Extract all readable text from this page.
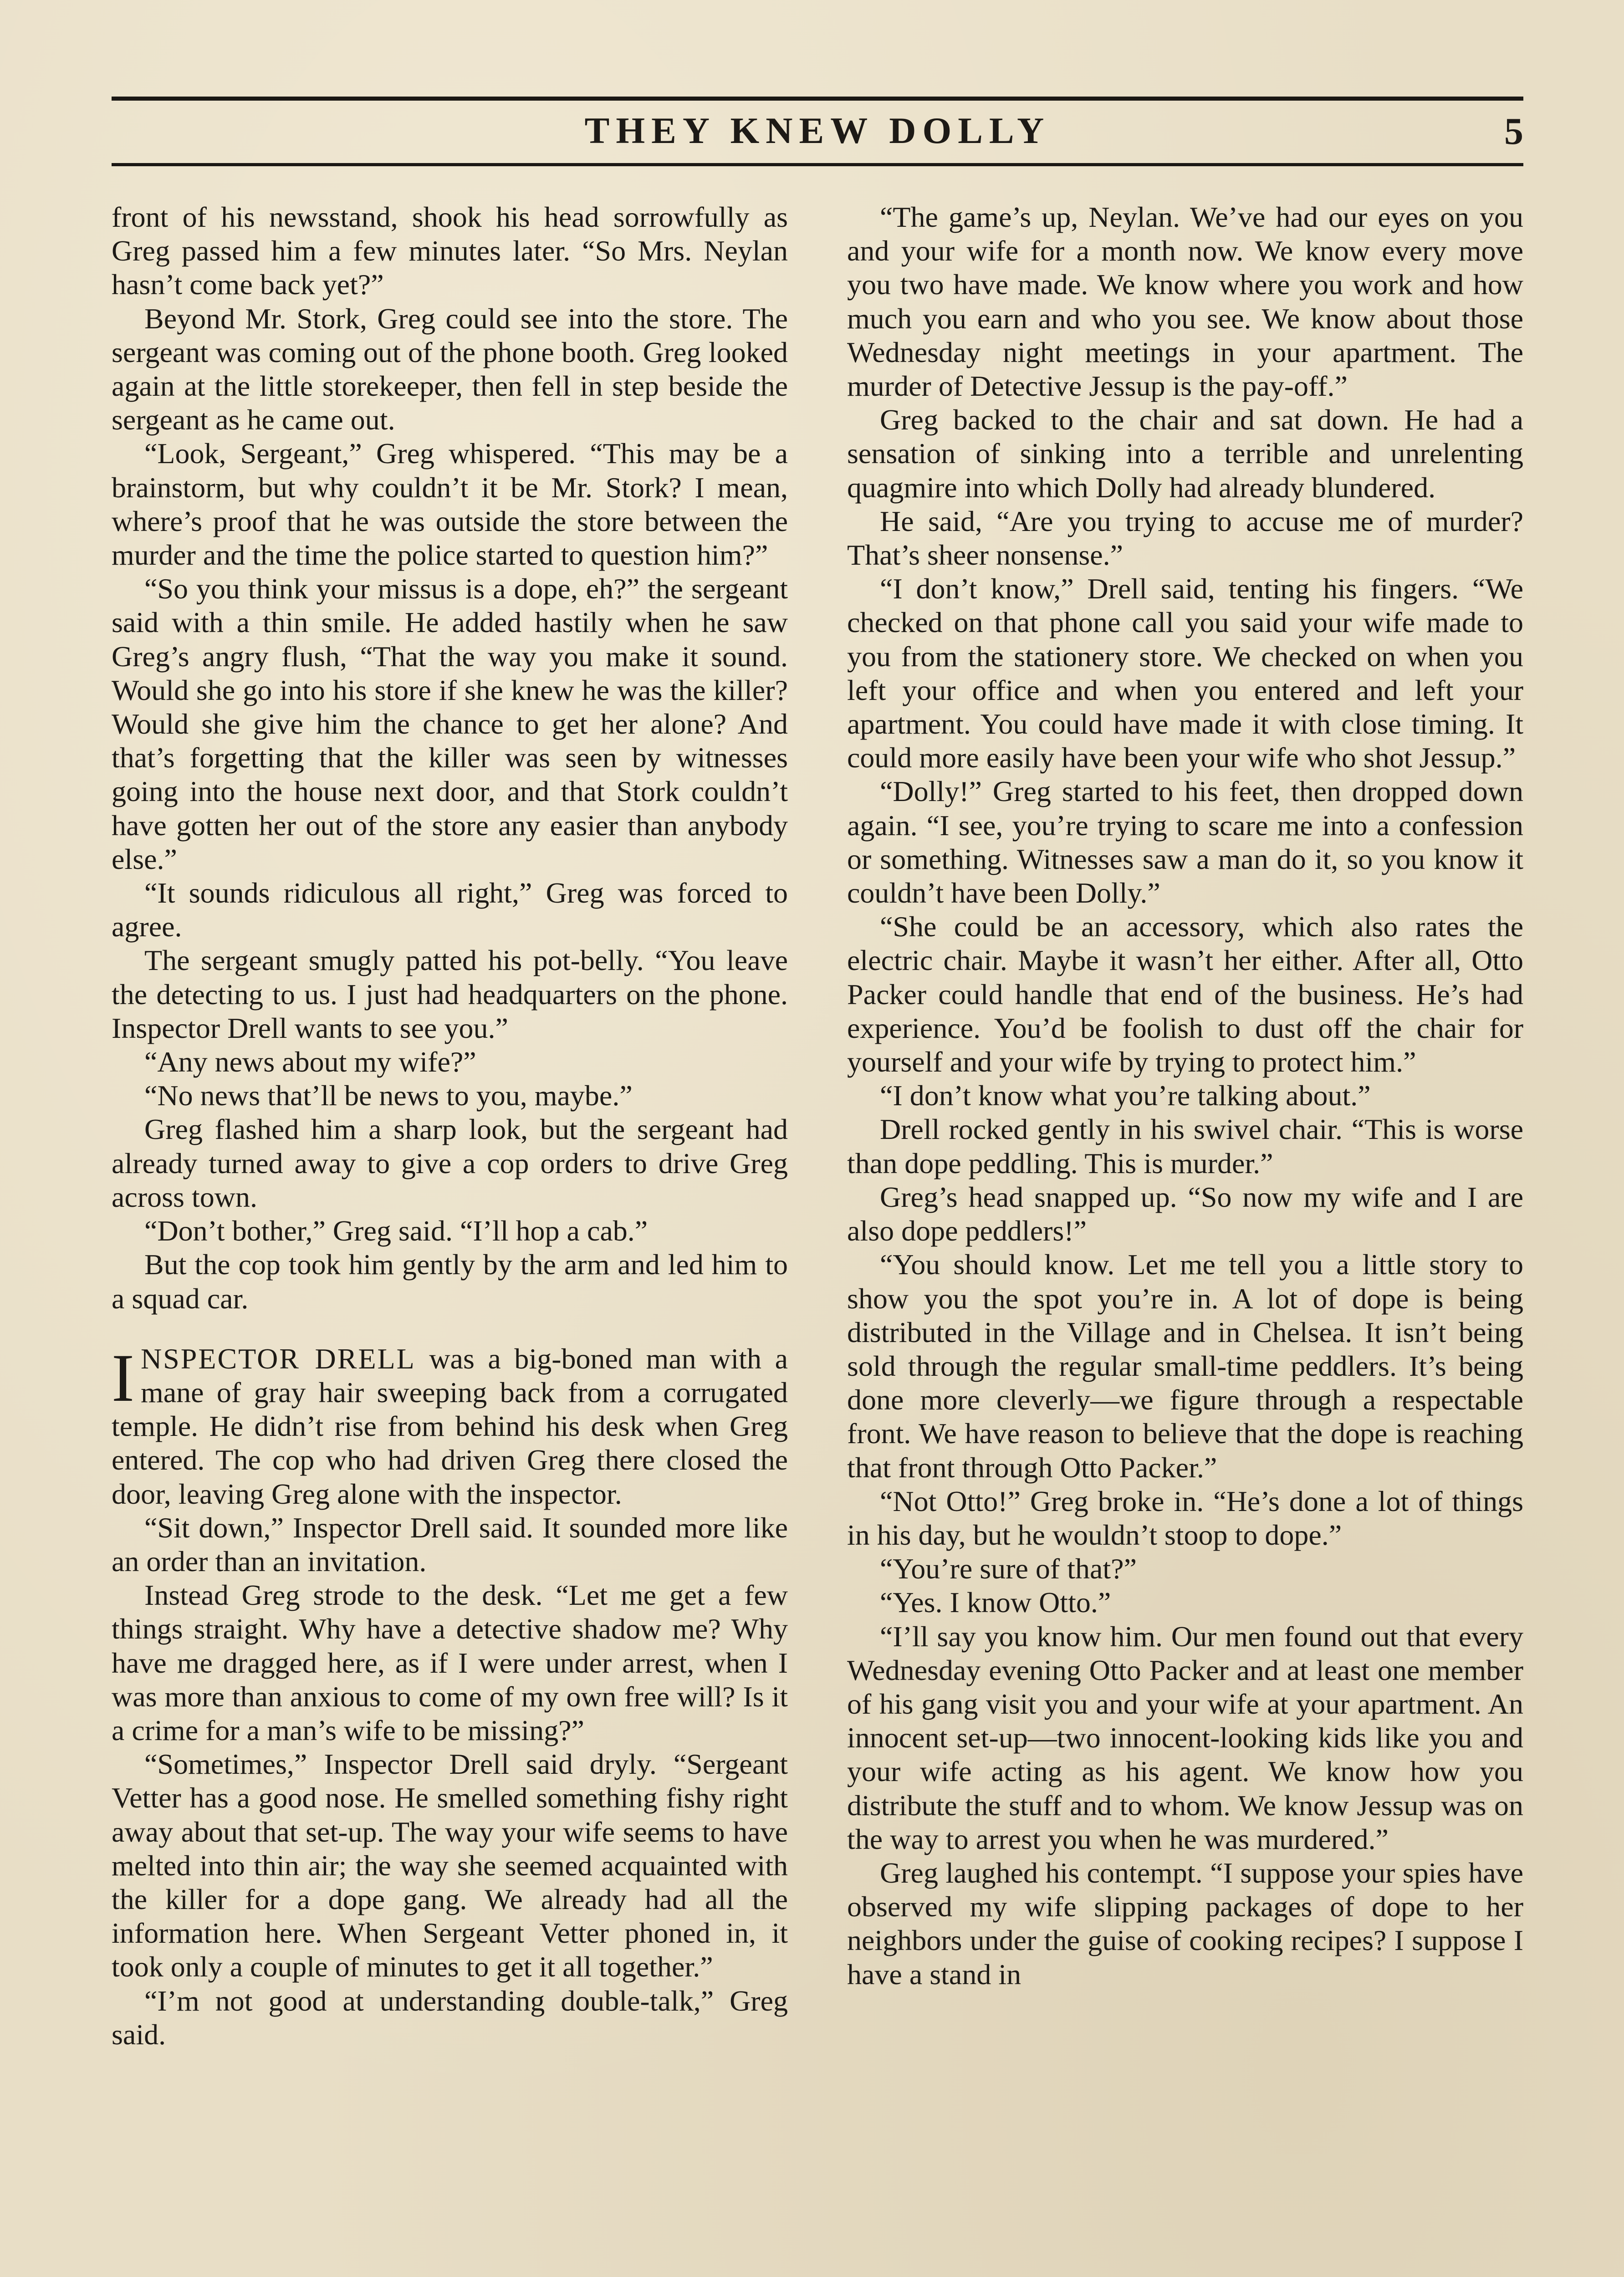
THEY KNEW DOLLY	5

front of his newsstand, shook his head sorrowfully as Greg passed him a few minutes later. “So Mrs. Neylan hasn’t come back yet?”

Beyond Mr. Stork, Greg could see into the store. The sergeant was coming out of the phone booth. Greg looked again at the little storekeeper, then fell in step beside the sergeant as he came out.

“Look, Sergeant,” Greg whispered. “This may be a brainstorm, but why couldn’t it be Mr. Stork? I mean, where’s proof that he was outside the store between the murder and the time the police started to question him?”

“So you think your missus is a dope, eh?” the sergeant said with a thin smile. He added hastily when he saw Greg’s angry flush, “That the way you make it sound. Would she go into his store if she knew he was the killer? Would she give him the chance to get her alone? And that’s forgetting that the killer was seen by witnesses going into the house next door, and that Stork couldn’t have gotten her out of the store any easier than anybody else.”

“It sounds ridiculous all right,” Greg was forced to agree.

The sergeant smugly patted his pot-belly. “You leave the detecting to us. I just had headquarters on the phone. Inspector Drell wants to see you.”

“Any news about my wife?”

“No news that’ll be news to you, maybe.”

Greg flashed him a sharp look, but the sergeant had already turned away to give a cop orders to drive Greg across town.

“Don’t bother,” Greg said. “I’ll hop a cab.”

But the cop took him gently by the arm and led him to a squad car.

INSPECTOR DRELL was a big-boned man with a mane of gray hair sweeping back from a corrugated temple. He didn’t rise from behind his desk when Greg entered. The cop who had driven Greg there closed the door, leaving Greg alone with the inspector.

“Sit down,” Inspector Drell said. It sounded more like an order than an invitation.

Instead Greg strode to the desk. “Let me get a few things straight. Why have a detective shadow me? Why have me dragged here, as if I were under arrest, when I was more than anxious to come of my own free will? Is it a crime for a man’s wife to be missing?”

“Sometimes,” Inspector Drell said dryly. “Sergeant Vetter has a good nose. He smelled something fishy right away about that set-up. The way your wife seems to have melted into thin air; the way she seemed acquainted with the killer for a dope gang. We already had all the information here. When Sergeant Vetter phoned in, it took only a couple of minutes to get it all together.”

“I’m not good at understanding double-talk,” Greg said.

“The game’s up, Neylan. We’ve had our eyes on you and your wife for a month now. We know every move you two have made. We know where you work and how much you earn and who you see. We know about those Wednesday night meetings in your apartment. The murder of Detective Jessup is the pay-off.”

Greg backed to the chair and sat down. He had a sensation of sinking into a terrible and unrelenting quagmire into which Dolly had already blundered.

He said, “Are you trying to accuse me of murder? That’s sheer nonsense.”

“I don’t know,” Drell said, tenting his fingers. “We checked on that phone call you said your wife made to you from the stationery store. We checked on when you left your office and when you entered and left your apartment. You could have made it with close timing. It could more easily have been your wife who shot Jessup.”

“Dolly!” Greg started to his feet, then dropped down again. “I see, you’re trying to scare me into a confession or something. Witnesses saw a man do it, so you know it couldn’t have been Dolly.”

“She could be an accessory, which also rates the electric chair. Maybe it wasn’t her either. After all, Otto Packer could handle that end of the business. He’s had experience. You’d be foolish to dust off the chair for yourself and your wife by trying to protect him.”

“I don’t know what you’re talking about.”

Drell rocked gently in his swivel chair. “This is worse than dope peddling. This is murder.”

Greg’s head snapped up. “So now my wife and I are also dope peddlers!”

“You should know. Let me tell you a little story to show you the spot you’re in. A lot of dope is being distributed in the Village and in Chelsea. It isn’t being sold through the regular small-time peddlers. It’s being done more cleverly—we figure through a respectable front. We have reason to believe that the dope is reaching that front through Otto Packer.”

“Not Otto!” Greg broke in. “He’s done a lot of things in his day, but he wouldn’t stoop to dope.”

“You’re sure of that?”

“Yes. I know Otto.”

“I’ll say you know him. Our men found out that every Wednesday evening Otto Packer and at least one member of his gang visit you and your wife at your apartment. An innocent set-up—two innocent-looking kids like you and your wife acting as his agent. We know how you distribute the stuff and to whom. We know Jessup was on the way to arrest you when he was murdered.”

Greg laughed his contempt. “I suppose your spies have observed my wife slipping packages of dope to her neighbors under the guise of cooking recipes? I suppose I have a stand in
